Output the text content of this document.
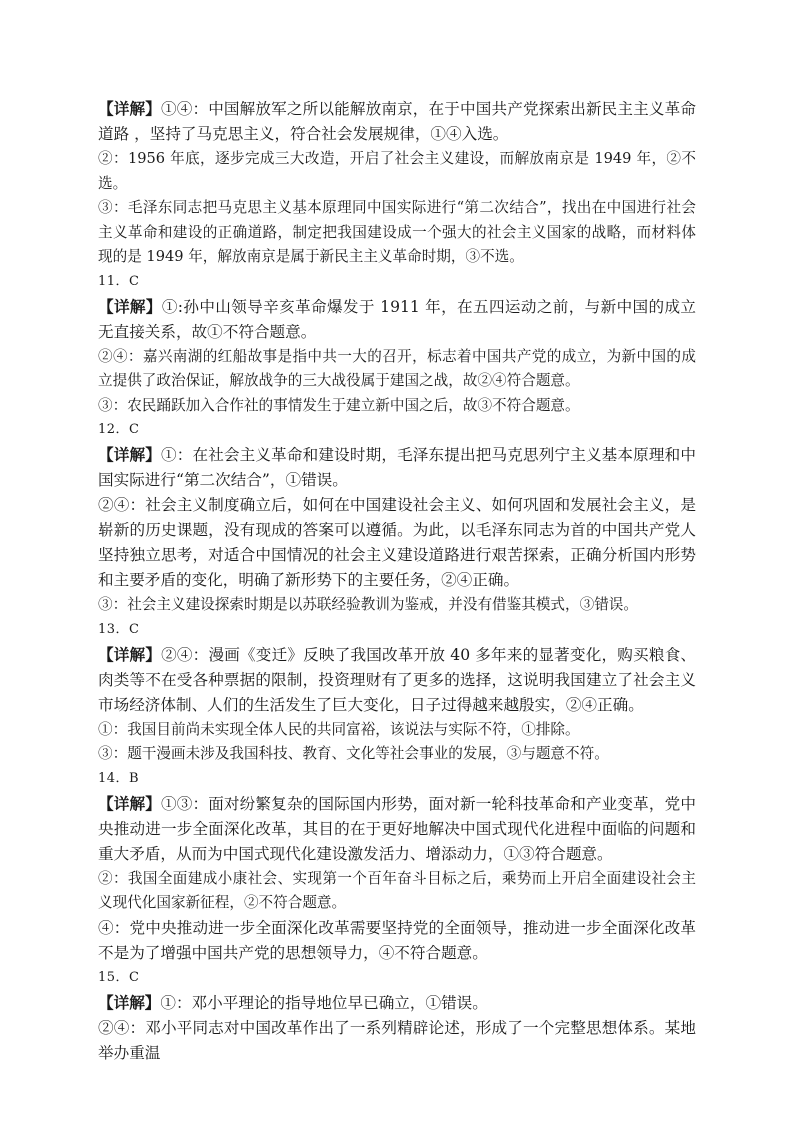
【详解】①④：中国解放军之所以能解放南京，在于中国共产党探索出新民主主义革命道路 ，坚持了马克思主义，符合社会发展规律，①④入选。

②：1956 年底，逐步完成三大改造，开启了社会主义建设，而解放南京是 1949 年，②不选。

③：毛泽东同志把马克思主义基本原理同中国实际进行“第二次结合”，找出在中国进行社会主义革命和建设的正确道路，制定把我国建设成一个强大的社会主义国家的战略，而材料体现的是 1949 年，解放南京是属于新民主主义革命时期，③不选。

11．C

【详解】①:孙中山领导辛亥革命爆发于 1911 年，在五四运动之前，与新中国的成立无直接关系，故①不符合题意。

②④：嘉兴南湖的红船故事是指中共一大的召开，标志着中国共产党的成立，为新中国的成立提供了政治保证，解放战争的三大战役属于建国之战，故②④符合题意。

③：农民踊跃加入合作社的事情发生于建立新中国之后，故③不符合题意。

12．C

【详解】①：在社会主义革命和建设时期，毛泽东提出把马克思列宁主义基本原理和中国实际进行“第二次结合”，①错误。

②④：社会主义制度确立后，如何在中国建设社会主义、如何巩固和发展社会主义，是崭新的历史课题，没有现成的答案可以遵循。为此，以毛泽东同志为首的中国共产党人坚持独立思考，对适合中国情况的社会主义建设道路进行艰苦探索，正确分析国内形势和主要矛盾的变化，明确了新形势下的主要任务，②④正确。

③：社会主义建设探索时期是以苏联经验教训为鉴戒，并没有借鉴其模式，③错误。

13．C

【详解】②④：漫画《变迁》反映了我国改革开放 40 多年来的显著变化，购买粮食、肉类等不在受各种票据的限制，投资理财有了更多的选择，这说明我国建立了社会主义市场经济体制、人们的生活发生了巨大变化，日子过得越来越殷实，②④正确。

①：我国目前尚未实现全体人民的共同富裕，该说法与实际不符，①排除。

③：题干漫画未涉及我国科技、教育、文化等社会事业的发展，③与题意不符。

14．B

【详解】①③：面对纷繁复杂的国际国内形势，面对新一轮科技革命和产业变革，党中央推动进一步全面深化改革，其目的在于更好地解决中国式现代化进程中面临的问题和重大矛盾，从而为中国式现代化建设激发活力、增添动力，①③符合题意。

②：我国全面建成小康社会、实现第一个百年奋斗目标之后，乘势而上开启全面建设社会主义现代化国家新征程，②不符合题意。

④：党中央推动进一步全面深化改革需要坚持党的全面领导，推动进一步全面深化改革不是为了增强中国共产党的思想领导力，④不符合题意。

15．C

【详解】①：邓小平理论的指导地位早已确立，①错误。

②④：邓小平同志对中国改革作出了一系列精辟论述，形成了一个完整思想体系。某地举办重温
